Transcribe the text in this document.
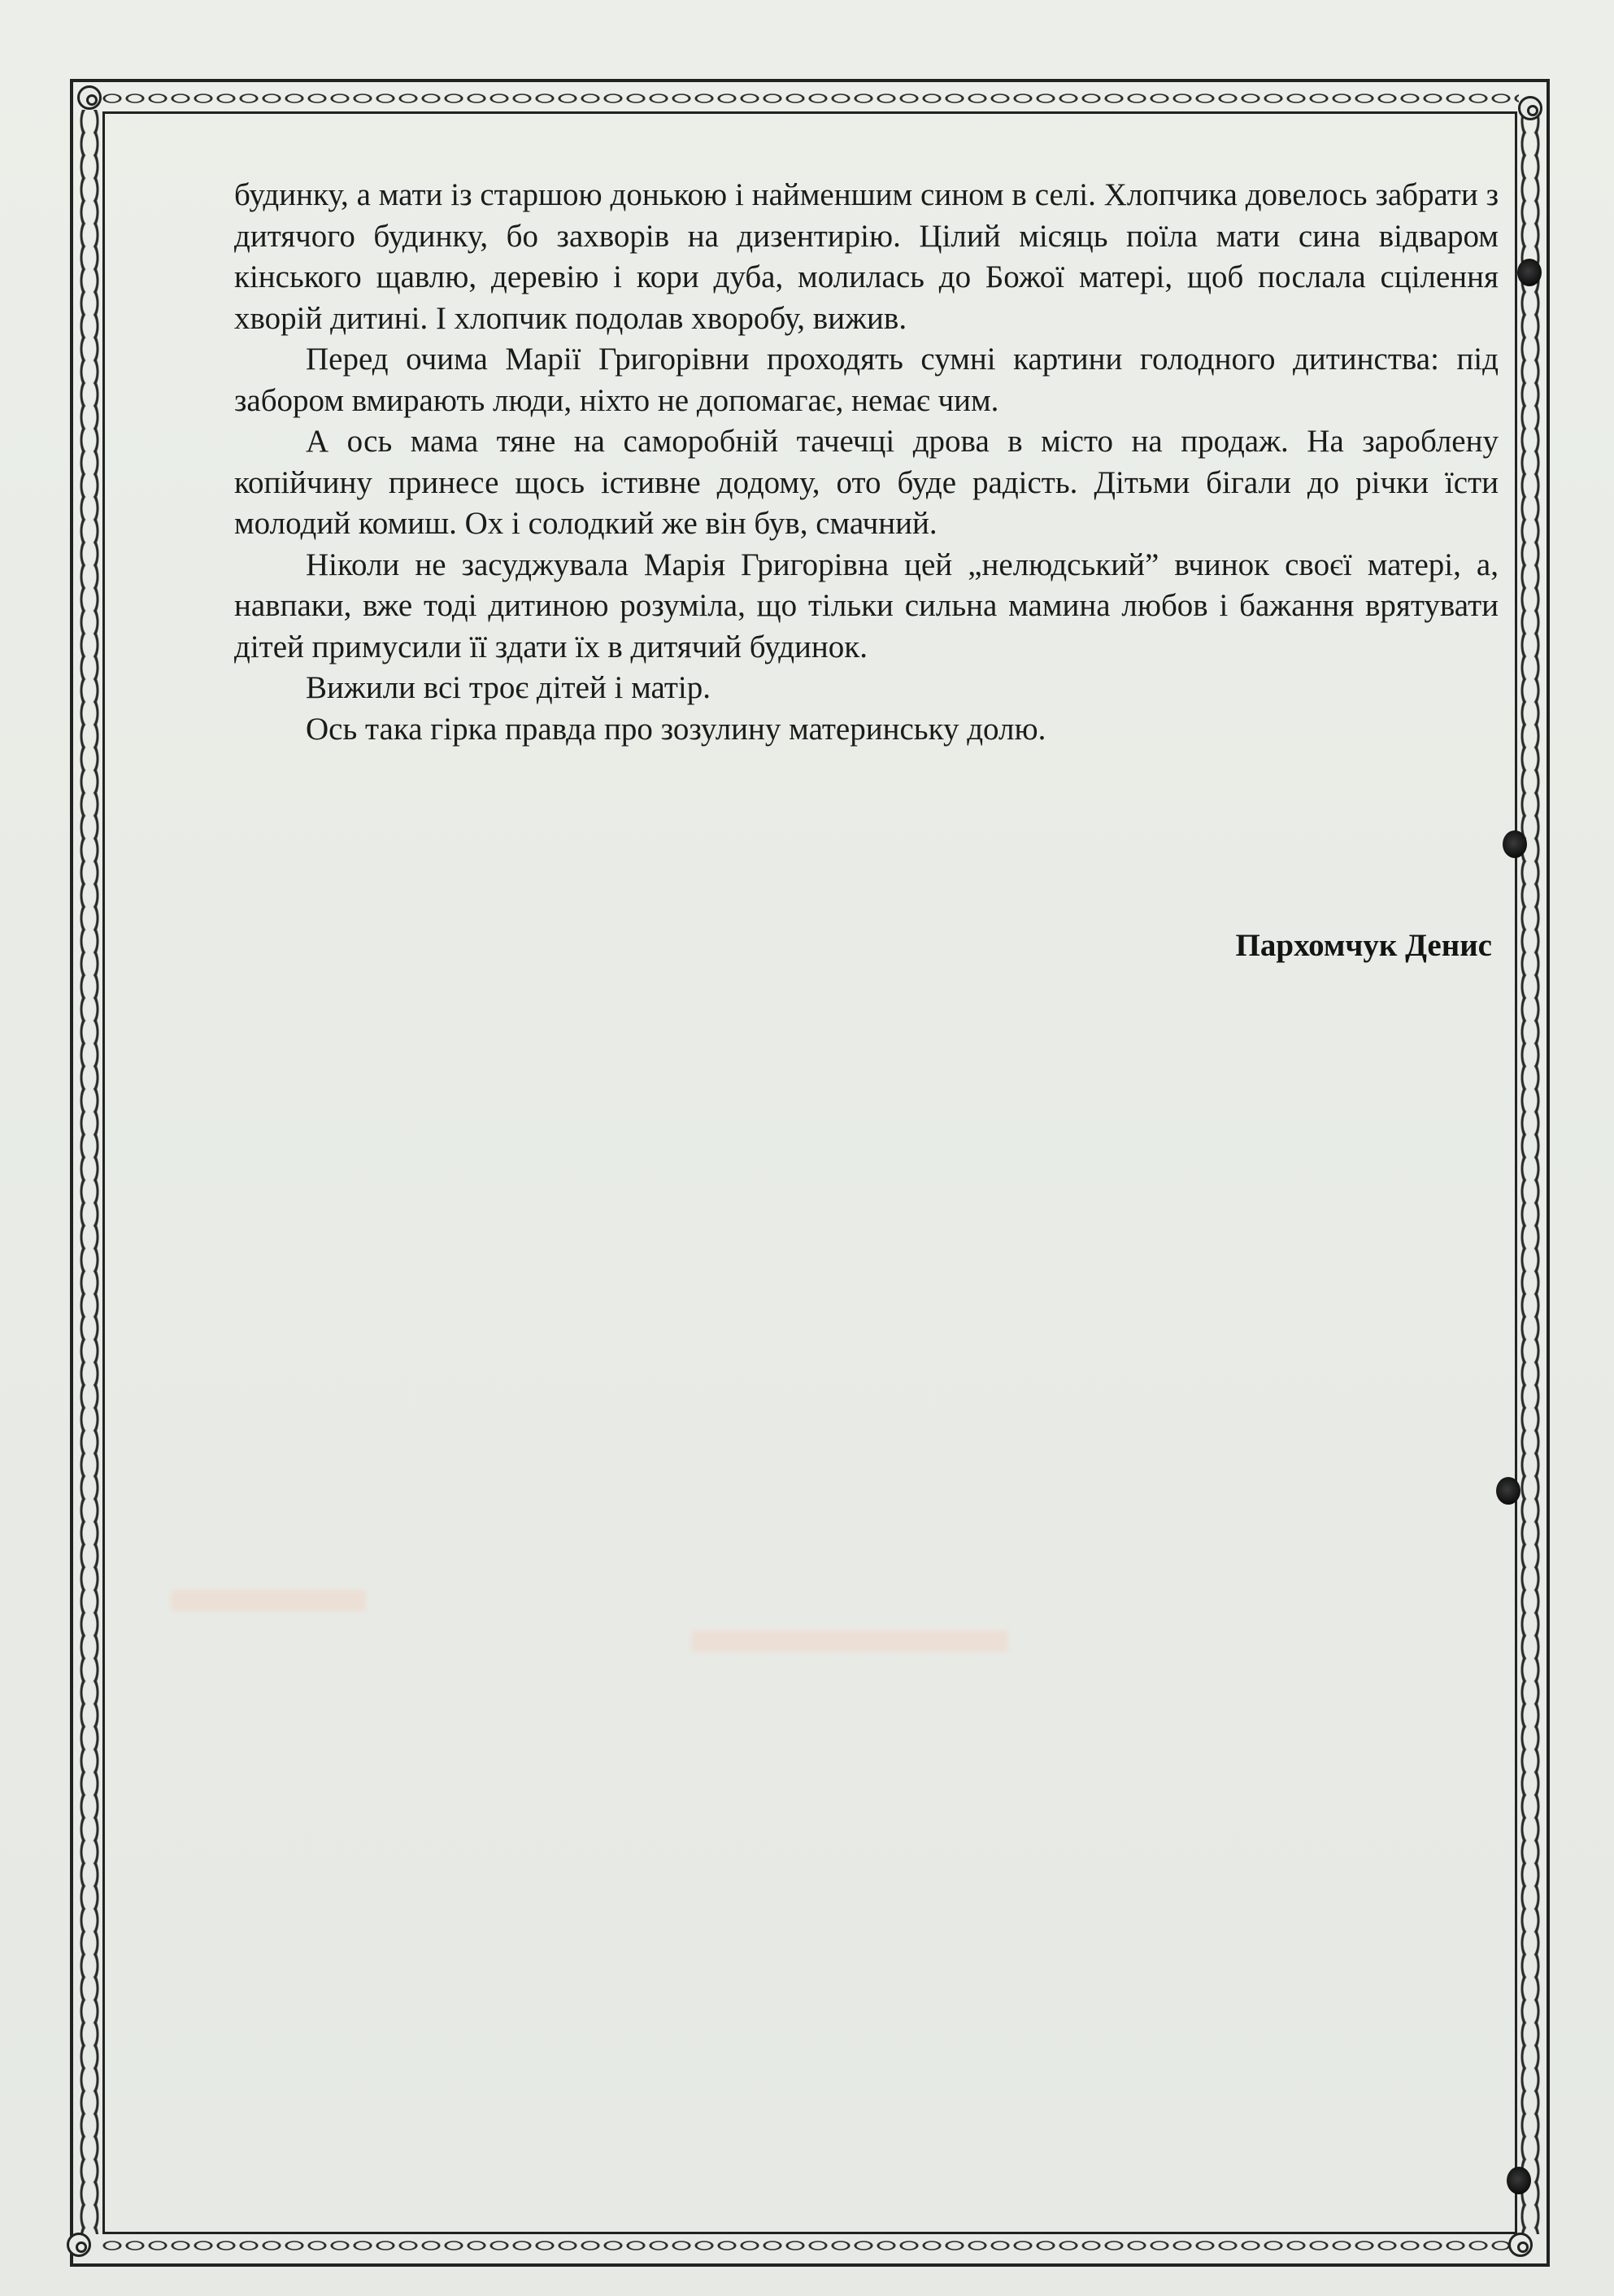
будинку, а мати із старшою донькою і найменшим сином в селі. Хлопчика довелось забрати з дитячого будинку, бо захворів на дизентирію. Цілий місяць поїла мати сина відваром кінського щавлю, деревію і кори дуба, молилась до Божої матері, щоб послала сцілення хворій дитині. І хлопчик подолав хворобу, вижив.

Перед очима Марії Григорівни проходять сумні картини голодного дитинства: під забором вмирають люди, ніхто не допомагає, немає чим.

А ось мама тяне на саморобній тачечці дрова в місто на продаж. На зароблену копійчину принесе щось істивне додому, ото буде радість. Дітьми бігали до річки їсти молодий комиш. Ох і солодкий же він був, смачний.

Ніколи не засуджувала Марія Григорівна цей „нелюдський” вчинок своєї матері, а, навпаки, вже тоді дитиною розуміла, що тільки сильна мамина любов і бажання врятувати дітей примусили її здати їх в дитячий будинок.

Вижили всі троє дітей і матір.

Ось така гірка правда про зозулину материнську долю.

Пархомчук Денис
